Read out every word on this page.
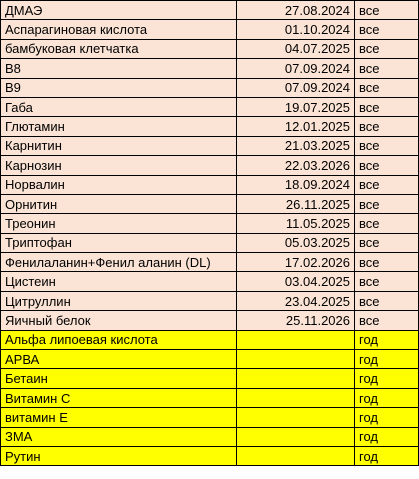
ДМАЭ	27.08.2024	все
Аспарагиновая кислота	01.10.2024	все
бамбуковая клетчатка	04.07.2025	все
В8	07.09.2024	все
В9	07.09.2024	все
Габа	19.07.2025	все
Глютамин	12.01.2025	все
Карнитин	21.03.2025	все
Карнозин	22.03.2026	все
Норвалин	18.09.2024	все
Орнитин	26.11.2025	все
Треонин	11.05.2025	все
Триптофан	05.03.2025	все
Фенилаланин+Фенил аланин (DL)	17.02.2026	все
Цистеин	03.04.2025	все
Цитруллин	23.04.2025	все
Яичный белок	25.11.2026	все
Альфа липоевая кислота		год
АРВА		год
Бетаин		год
Витамин С		год
витамин Е		год
ЗМА		год
Рутин		год
